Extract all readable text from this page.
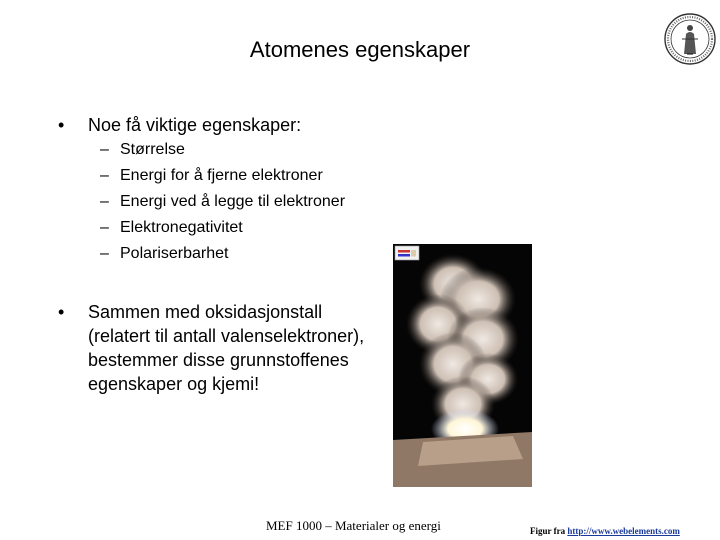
Atomenes egenskaper
• Noe få viktige egenskaper:
– Størrelse
– Energi for å fjerne elektroner
– Energi ved å legge til elektroner
– Elektronegativitet
– Polariserbarhet
• Sammen med oksidasjonstall (relatert til antall valenselektroner), bestemmer disse grunnstoffenes egenskaper og kjemi!
MEF 1000 – Materialer og energi	Figur fra http://www.webelements.com
